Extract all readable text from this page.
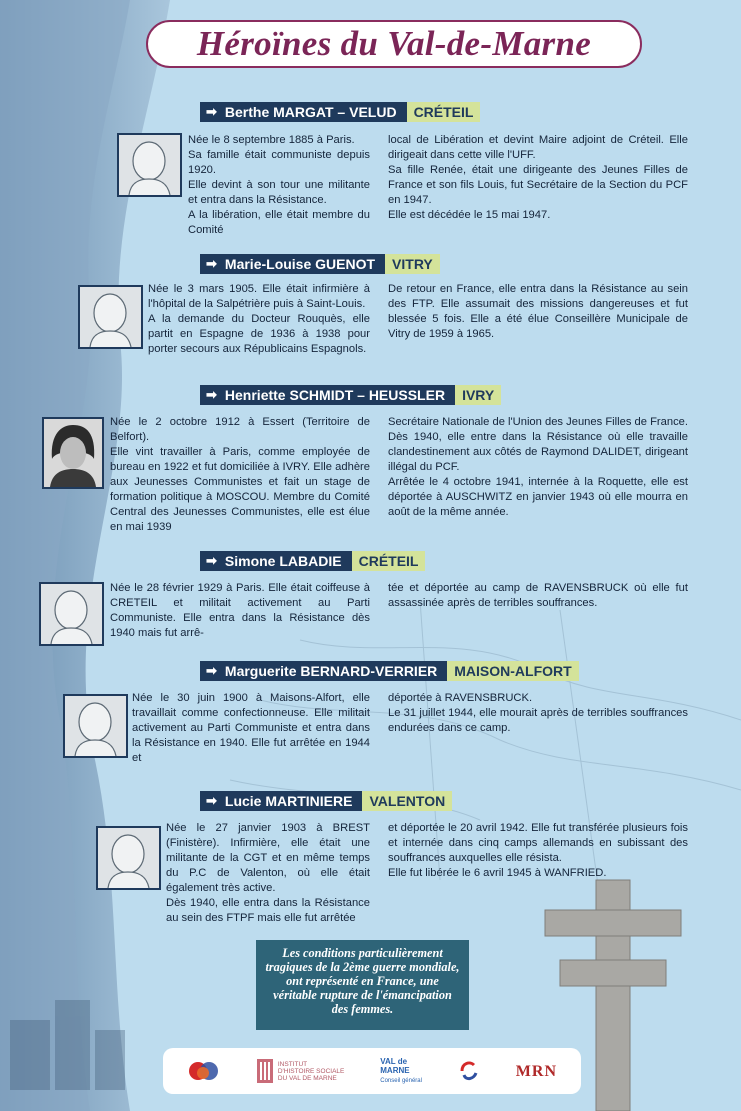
Héroïnes du Val-de-Marne
➡ Berthe MARGAT – VELUD	CRÉTEIL

Née le 8 septembre 1885 à Paris.

Sa famille était communiste depuis 1920.

Elle devint à son tour une militante et entra dans la Résistance.

A la libération, elle était membre du Comité

local de Libération et devint Maire adjoint de Créteil. Elle dirigeait dans cette ville l'UFF.

Sa fille Renée, était une dirigeante des Jeunes Filles de France et son fils Louis, fut Secrétaire de la Section du PCF en 1947.

Elle est décédée le 15 mai 1947.

➡ Marie-Louise GUENOT	VITRY

Née le 3 mars 1905. Elle était infirmière à l'hôpital de la Salpétrière puis à Saint-Louis.

A la demande du Docteur Rouquès, elle partit en Espagne de 1936 à 1938 pour porter secours aux Républicains Espagnols.

De retour en France, elle entra dans la Résistance au sein des FTP. Elle assumait des missions dangereuses et fut blessée 5 fois. Elle a été élue Conseillère Municipale de Vitry de 1959 à 1965.

➡ Henriette SCHMIDT – HEUSSLER	IVRY

Née le 2 octobre 1912 à Essert (Territoire de Belfort).

Elle vint travailler à Paris, comme employée de bureau en 1922 et fut domiciliée à IVRY. Elle adhère aux Jeunesses Communistes et fait un stage de formation politique à MOSCOU. Membre du Comité Central des Jeunesses Communistes, elle est élue en mai 1939

Secrétaire Nationale de l'Union des Jeunes Filles de France.

Dès 1940, elle entre dans la Résistance où elle travaille clandestinement aux côtés de Raymond DALIDET, dirigeant illégal du PCF.

Arrêtée le 4 octobre 1941, internée à la Roquette, elle est déportée à AUSCHWITZ en janvier 1943 où elle mourra en août de la même année.

➡ Simone LABADIE	CRÉTEIL

Née le 28 février 1929 à Paris. Elle était coiffeuse à CRETEIL et militait activement au Parti Communiste. Elle entra dans la Résistance dès 1940 mais fut arrê-

tée et déportée au camp de RAVENSBRUCK où elle fut assassinée après de terribles souffrances.

➡ Marguerite BERNARD-VERRIER	MAISON-ALFORT

Née le 30 juin 1900 à Maisons-Alfort, elle travaillait comme confectionneuse. Elle militait activement au Parti Communiste et entra dans la Résistance en 1940. Elle fut arrêtée en 1944 et

déportée à RAVENSBRUCK.

Le 31 juillet 1944, elle mourait après de terribles souffrances endurées dans ce camp.

➡ Lucie MARTINIERE	VALENTON

Née le 27 janvier 1903 à BREST (Finistère). Infirmière, elle était une militante de la CGT et en même temps du P.C de Valenton, où elle était également très active.

Dès 1940, elle entra dans la Résistance au sein des FTPF mais elle fut arrêtée

et déportée le 20 avril 1942. Elle fut transférée plusieurs fois et internée dans cinq camps allemands en subissant des souffrances auxquelles elle résista.

Elle fut libérée le 6 avril 1945 à WANFRIED.

Les conditions particulièrement tragiques de la 2ème guerre mondiale, ont représenté en France, une véritable rupture de l'émancipation des femmes.
INSTITUT
D'HISTOIRE SOCIALE
DU VAL DE MARNE
VAL de
MARNE
Conseil général
MRN
